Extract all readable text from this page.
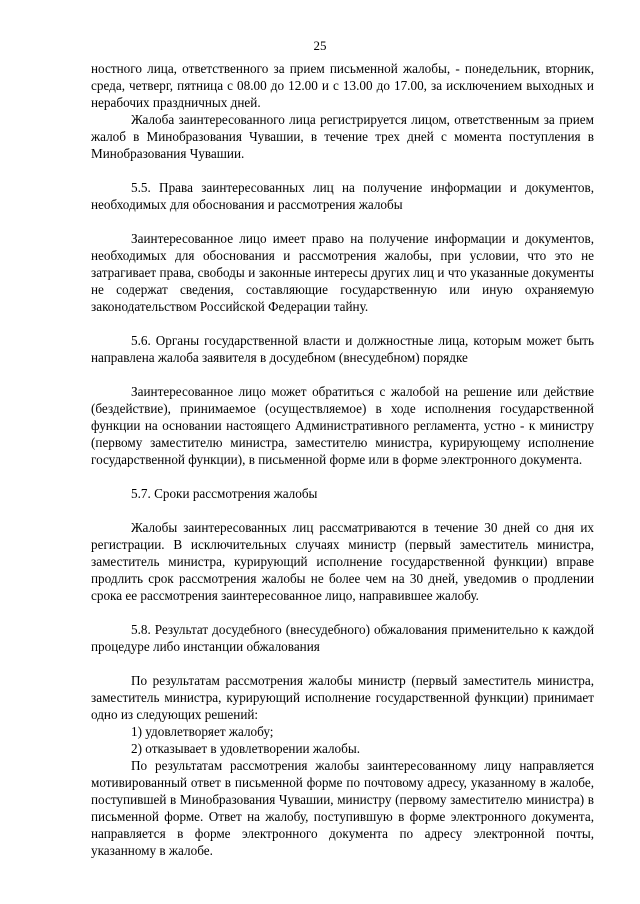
25

ностного лица, ответственного за прием письменной жалобы, - понедельник, вторник, среда, четверг, пятница с 08.00 до 12.00 и с 13.00 до 17.00, за исключением выходных и нерабочих праздничных дней.

Жалоба заинтересованного лица регистрируется лицом, ответственным за прием жалоб в Минобразования Чувашии, в течение трех дней с момента поступления в Минобразования Чувашии.

5.5. Права заинтересованных лиц на получение информации и документов, необходимых для обоснования и рассмотрения жалобы

Заинтересованное лицо имеет право на получение информации и документов, необходимых для обоснования и рассмотрения жалобы, при условии, что это не затрагивает права, свободы и законные интересы других лиц и что указанные документы не содержат сведения, составляющие государственную или иную охраняемую законодательством Российской Федерации тайну.

5.6. Органы государственной власти и должностные лица, которым может быть направлена жалоба заявителя в досудебном (внесудебном) порядке

Заинтересованное лицо может обратиться с жалобой на решение или действие (бездействие), принимаемое (осуществляемое) в ходе исполнения государственной функции на основании настоящего Административного регламента, устно - к министру (первому заместителю министра, заместителю министра, курирующему исполнение государственной функции), в письменной форме или в форме электронного документа.

5.7. Сроки рассмотрения жалобы

Жалобы заинтересованных лиц рассматриваются в течение 30 дней со дня их регистрации. В исключительных случаях министр (первый заместитель министра, заместитель министра, курирующий исполнение государственной функции) вправе продлить срок рассмотрения жалобы не более чем на 30 дней, уведомив о продлении срока ее рассмотрения заинтересованное лицо, направившее жалобу.

5.8. Результат досудебного (внесудебного) обжалования применительно к каждой процедуре либо инстанции обжалования

По результатам рассмотрения жалобы министр (первый заместитель министра, заместитель министра, курирующий исполнение государственной функции) принимает одно из следующих решений:

1) удовлетворяет жалобу;

2) отказывает в удовлетворении жалобы.

По результатам рассмотрения жалобы заинтересованному лицу направляется мотивированный ответ в письменной форме по почтовому адресу, указанному в жалобе, поступившей в Минобразования Чувашии, министру (первому заместителю министра) в письменной форме. Ответ на жалобу, поступившую в форме электронного документа, направляется в форме электронного документа по адресу электронной почты, указанному в жалобе.
